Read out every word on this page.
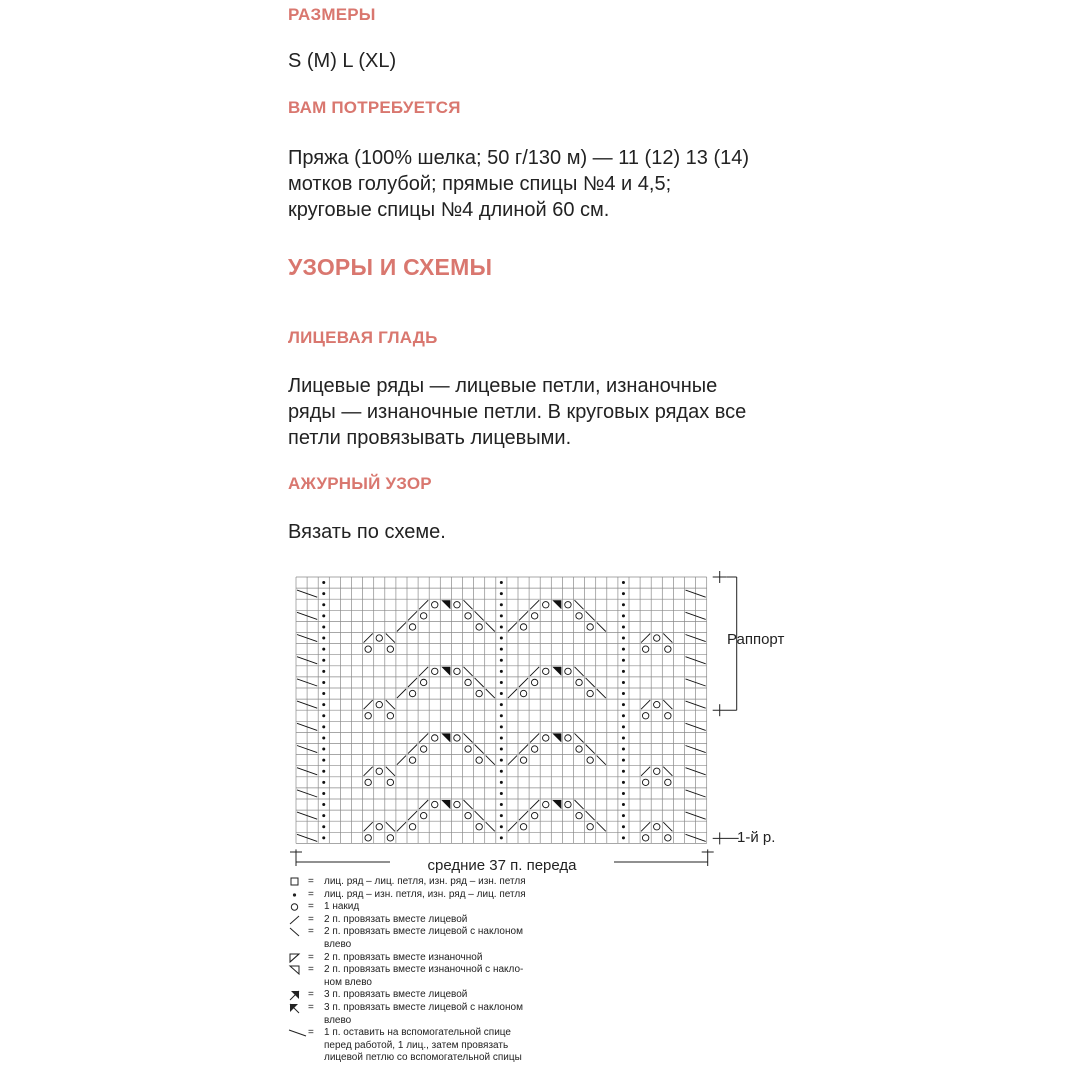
РАЗМЕРЫ

S (M) L (XL)

ВАМ ПОТРЕБУЕТСЯ

Пряжа (100% шелка; 50 г/130 м) — 11 (12) 13 (14)
мотков голубой; прямые спицы №4 и 4,5;
круговые спицы №4 длиной 60 см.

УЗОРЫ И СХЕМЫ
ЛИЦЕВАЯ ГЛАДЬ

Лицевые ряды — лицевые петли, изнаночные
ряды — изнаночные петли. В круговых рядах все
петли провязывать лицевыми.

АЖУРНЫЙ УЗОР

Вязать по схеме.

Раппорт
1-й р.
средние 37 п. переда
=	лиц. ряд – лиц. петля, изн. ряд – изн. петля
=	лиц. ряд – изн. петля, изн. ряд – лиц. петля
=	1 накид
=	2 п. провязать вместе лицевой
=	2 п. провязать вместе лицевой с наклоном
влево
=	2 п. провязать вместе изнаночной
=	2 п. провязать вместе изнаночной с накло-
ном влево
=	3 п. провязать вместе лицевой
=	3 п. провязать вместе лицевой с наклоном
влево
=	1 п. оставить на вспомогательной спице
перед работой, 1 лиц., затем провязать
лицевой петлю со вспомогательной спицы
